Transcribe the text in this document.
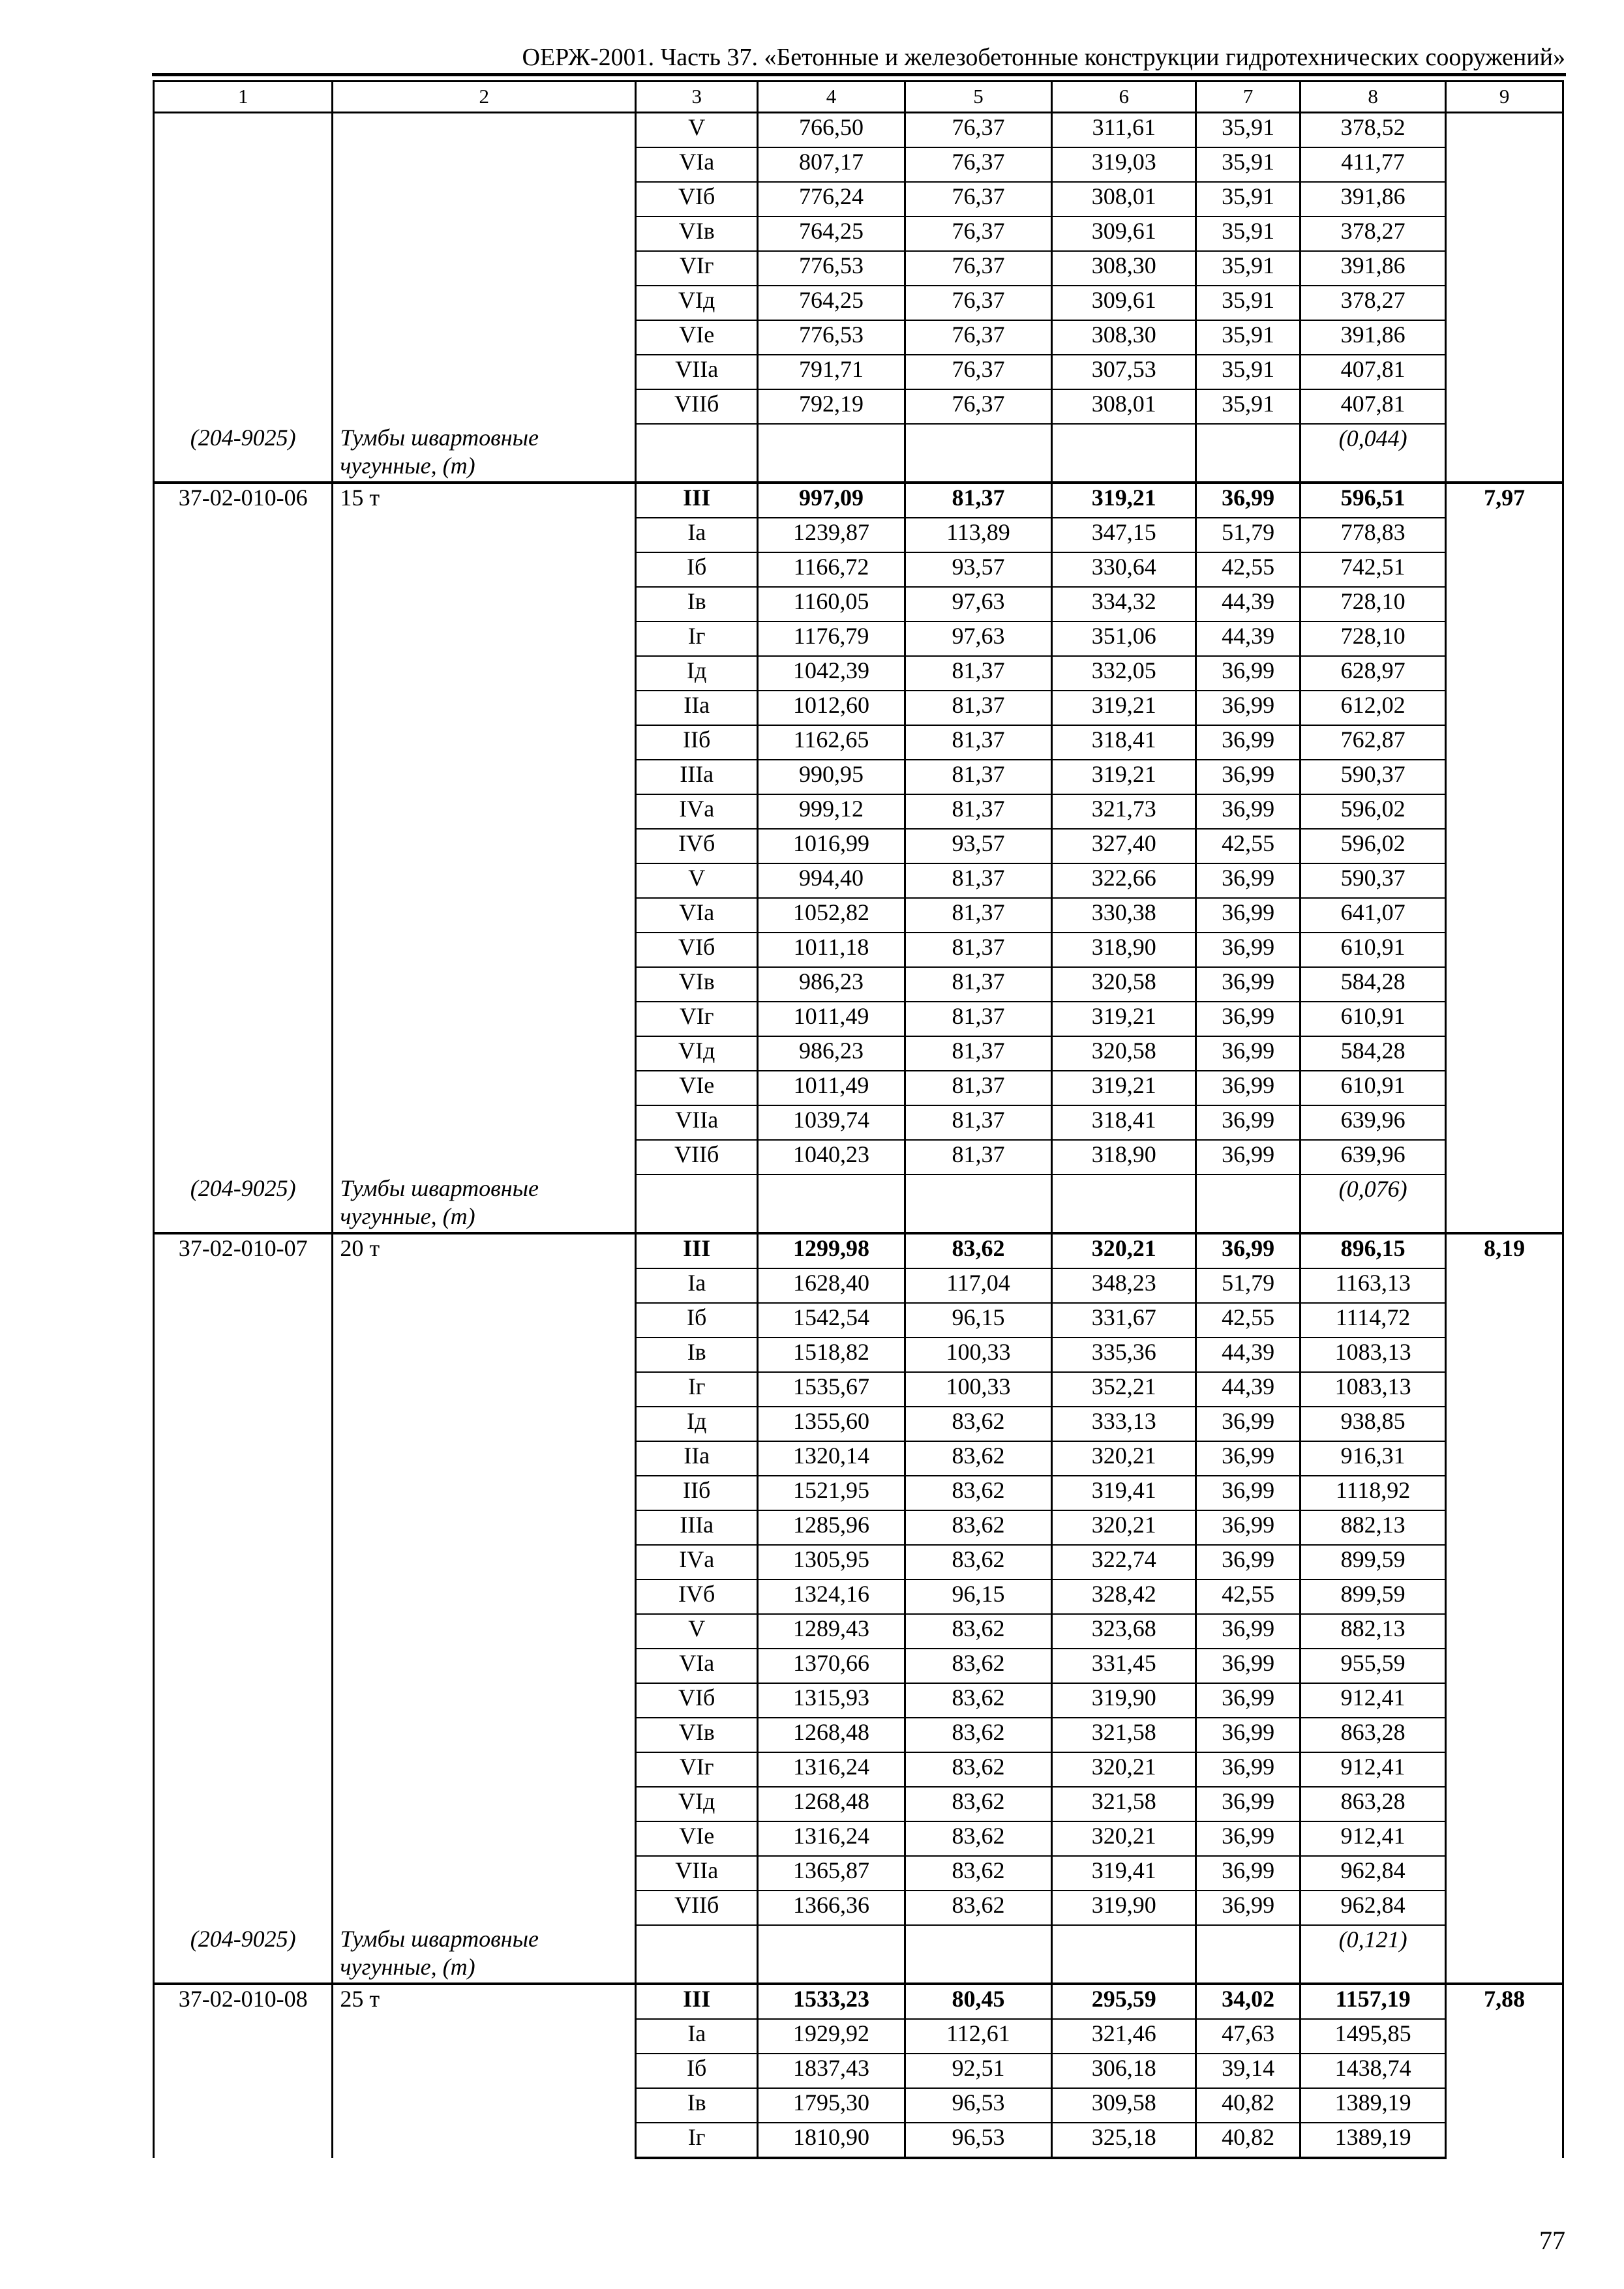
ОЕРЖ-2001. Часть 37. «Бетонные и железобетонные конструкции гидротехнических сооружений»
1	2	3	4	5	6	7	8	9
		V	766,50	76,37	311,61	35,91	378,52	
		VIа	807,17	76,37	319,03	35,91	411,77	
		VIб	776,24	76,37	308,01	35,91	391,86	
		VIв	764,25	76,37	309,61	35,91	378,27	
		VIг	776,53	76,37	308,30	35,91	391,86	
		VIд	764,25	76,37	309,61	35,91	378,27	
		VIе	776,53	76,37	308,30	35,91	391,86	
		VIIа	791,71	76,37	307,53	35,91	407,81	
		VIIб	792,19	76,37	308,01	35,91	407,81	
(204-9025)	Тумбы швартовные чугунные, (т)						(0,044)	
37-02-010-06	15 т	III	997,09	81,37	319,21	36,99	596,51	7,97
		Iа	1239,87	113,89	347,15	51,79	778,83	
		Iб	1166,72	93,57	330,64	42,55	742,51	
		Iв	1160,05	97,63	334,32	44,39	728,10	
		Iг	1176,79	97,63	351,06	44,39	728,10	
		Iд	1042,39	81,37	332,05	36,99	628,97	
		IIа	1012,60	81,37	319,21	36,99	612,02	
		IIб	1162,65	81,37	318,41	36,99	762,87	
		IIIа	990,95	81,37	319,21	36,99	590,37	
		IVа	999,12	81,37	321,73	36,99	596,02	
		IVб	1016,99	93,57	327,40	42,55	596,02	
		V	994,40	81,37	322,66	36,99	590,37	
		VIа	1052,82	81,37	330,38	36,99	641,07	
		VIб	1011,18	81,37	318,90	36,99	610,91	
		VIв	986,23	81,37	320,58	36,99	584,28	
		VIг	1011,49	81,37	319,21	36,99	610,91	
		VIд	986,23	81,37	320,58	36,99	584,28	
		VIе	1011,49	81,37	319,21	36,99	610,91	
		VIIа	1039,74	81,37	318,41	36,99	639,96	
		VIIб	1040,23	81,37	318,90	36,99	639,96	
(204-9025)	Тумбы швартовные чугунные, (т)						(0,076)	
37-02-010-07	20 т	III	1299,98	83,62	320,21	36,99	896,15	8,19
		Iа	1628,40	117,04	348,23	51,79	1163,13	
		Iб	1542,54	96,15	331,67	42,55	1114,72	
		Iв	1518,82	100,33	335,36	44,39	1083,13	
		Iг	1535,67	100,33	352,21	44,39	1083,13	
		Iд	1355,60	83,62	333,13	36,99	938,85	
		IIа	1320,14	83,62	320,21	36,99	916,31	
		IIб	1521,95	83,62	319,41	36,99	1118,92	
		IIIа	1285,96	83,62	320,21	36,99	882,13	
		IVа	1305,95	83,62	322,74	36,99	899,59	
		IVб	1324,16	96,15	328,42	42,55	899,59	
		V	1289,43	83,62	323,68	36,99	882,13	
		VIа	1370,66	83,62	331,45	36,99	955,59	
		VIб	1315,93	83,62	319,90	36,99	912,41	
		VIв	1268,48	83,62	321,58	36,99	863,28	
		VIг	1316,24	83,62	320,21	36,99	912,41	
		VIд	1268,48	83,62	321,58	36,99	863,28	
		VIе	1316,24	83,62	320,21	36,99	912,41	
		VIIа	1365,87	83,62	319,41	36,99	962,84	
		VIIб	1366,36	83,62	319,90	36,99	962,84	
(204-9025)	Тумбы швартовные чугунные, (т)						(0,121)	
37-02-010-08	25 т	III	1533,23	80,45	295,59	34,02	1157,19	7,88
		Iа	1929,92	112,61	321,46	47,63	1495,85	
		Iб	1837,43	92,51	306,18	39,14	1438,74	
		Iв	1795,30	96,53	309,58	40,82	1389,19	
		Iг	1810,90	96,53	325,18	40,82	1389,19	
77
